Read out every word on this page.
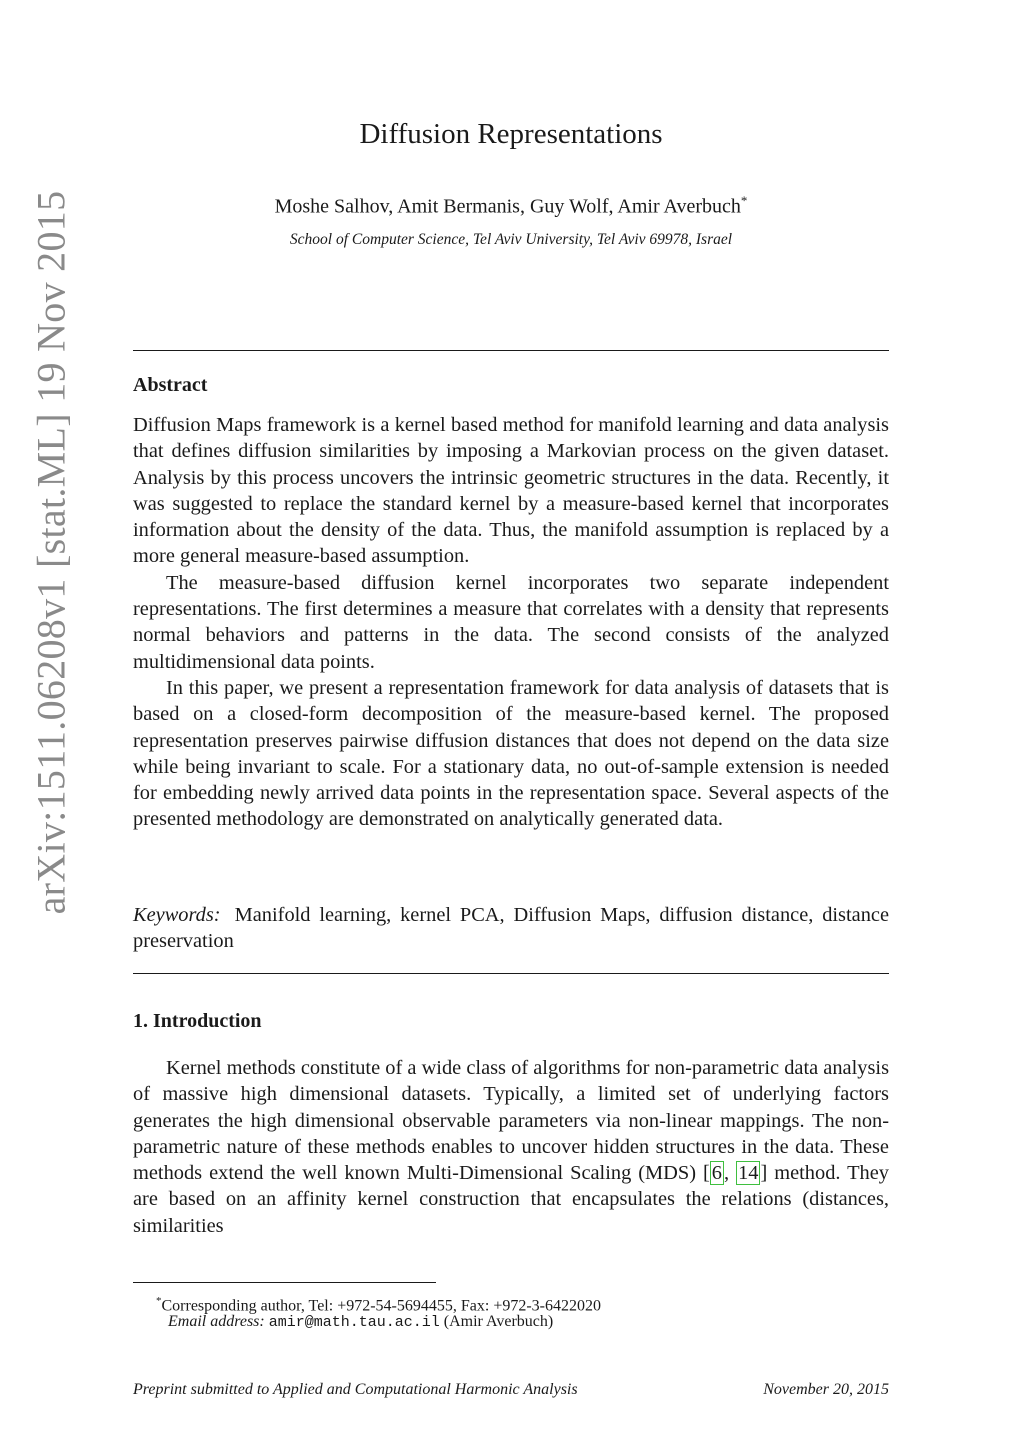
arXiv:1511.06208v1 [stat.ML] 19 Nov 2015
Diffusion Representations
Moshe Salhov, Amit Bermanis, Guy Wolf, Amir Averbuch*
School of Computer Science, Tel Aviv University, Tel Aviv 69978, Israel
Abstract

Diffusion Maps framework is a kernel based method for manifold learning and data analysis that defines diffusion similarities by imposing a Markovian process on the given dataset. Analysis by this process uncovers the intrinsic geometric structures in the data. Recently, it was suggested to replace the standard kernel by a measure-based kernel that incorporates information about the density of the data. Thus, the manifold assumption is replaced by a more general measure-based assumption.

The measure-based diffusion kernel incorporates two separate independent representations. The first determines a measure that correlates with a density that represents normal behaviors and patterns in the data. The second consists of the analyzed multidimensional data points.

In this paper, we present a representation framework for data analysis of datasets that is based on a closed-form decomposition of the measure-based kernel. The proposed representation preserves pairwise diffusion distances that does not depend on the data size while being invariant to scale. For a stationary data, no out-of-sample extension is needed for embedding newly arrived data points in the representation space. Several aspects of the presented methodology are demonstrated on analytically generated data.

Keywords: Manifold learning, kernel PCA, Diffusion Maps, diffusion distance, distance preservation

1. Introduction

Kernel methods constitute of a wide class of algorithms for non-parametric data analysis of massive high dimensional datasets. Typically, a limited set of underlying factors generates the high dimensional observable parameters via non-linear mappings. The non-parametric nature of these methods enables to uncover hidden structures in the data. These methods extend the well known Multi-Dimensional Scaling (MDS) [6, 14] method. They are based on an affinity kernel construction that encapsulates the relations (distances, similarities

*Corresponding author, Tel: +972-54-5694455, Fax: +972-3-6422020
Email address: amir@math.tau.ac.il (Amir Averbuch)
Preprint submitted to Applied and Computational Harmonic Analysis	November 20, 2015
